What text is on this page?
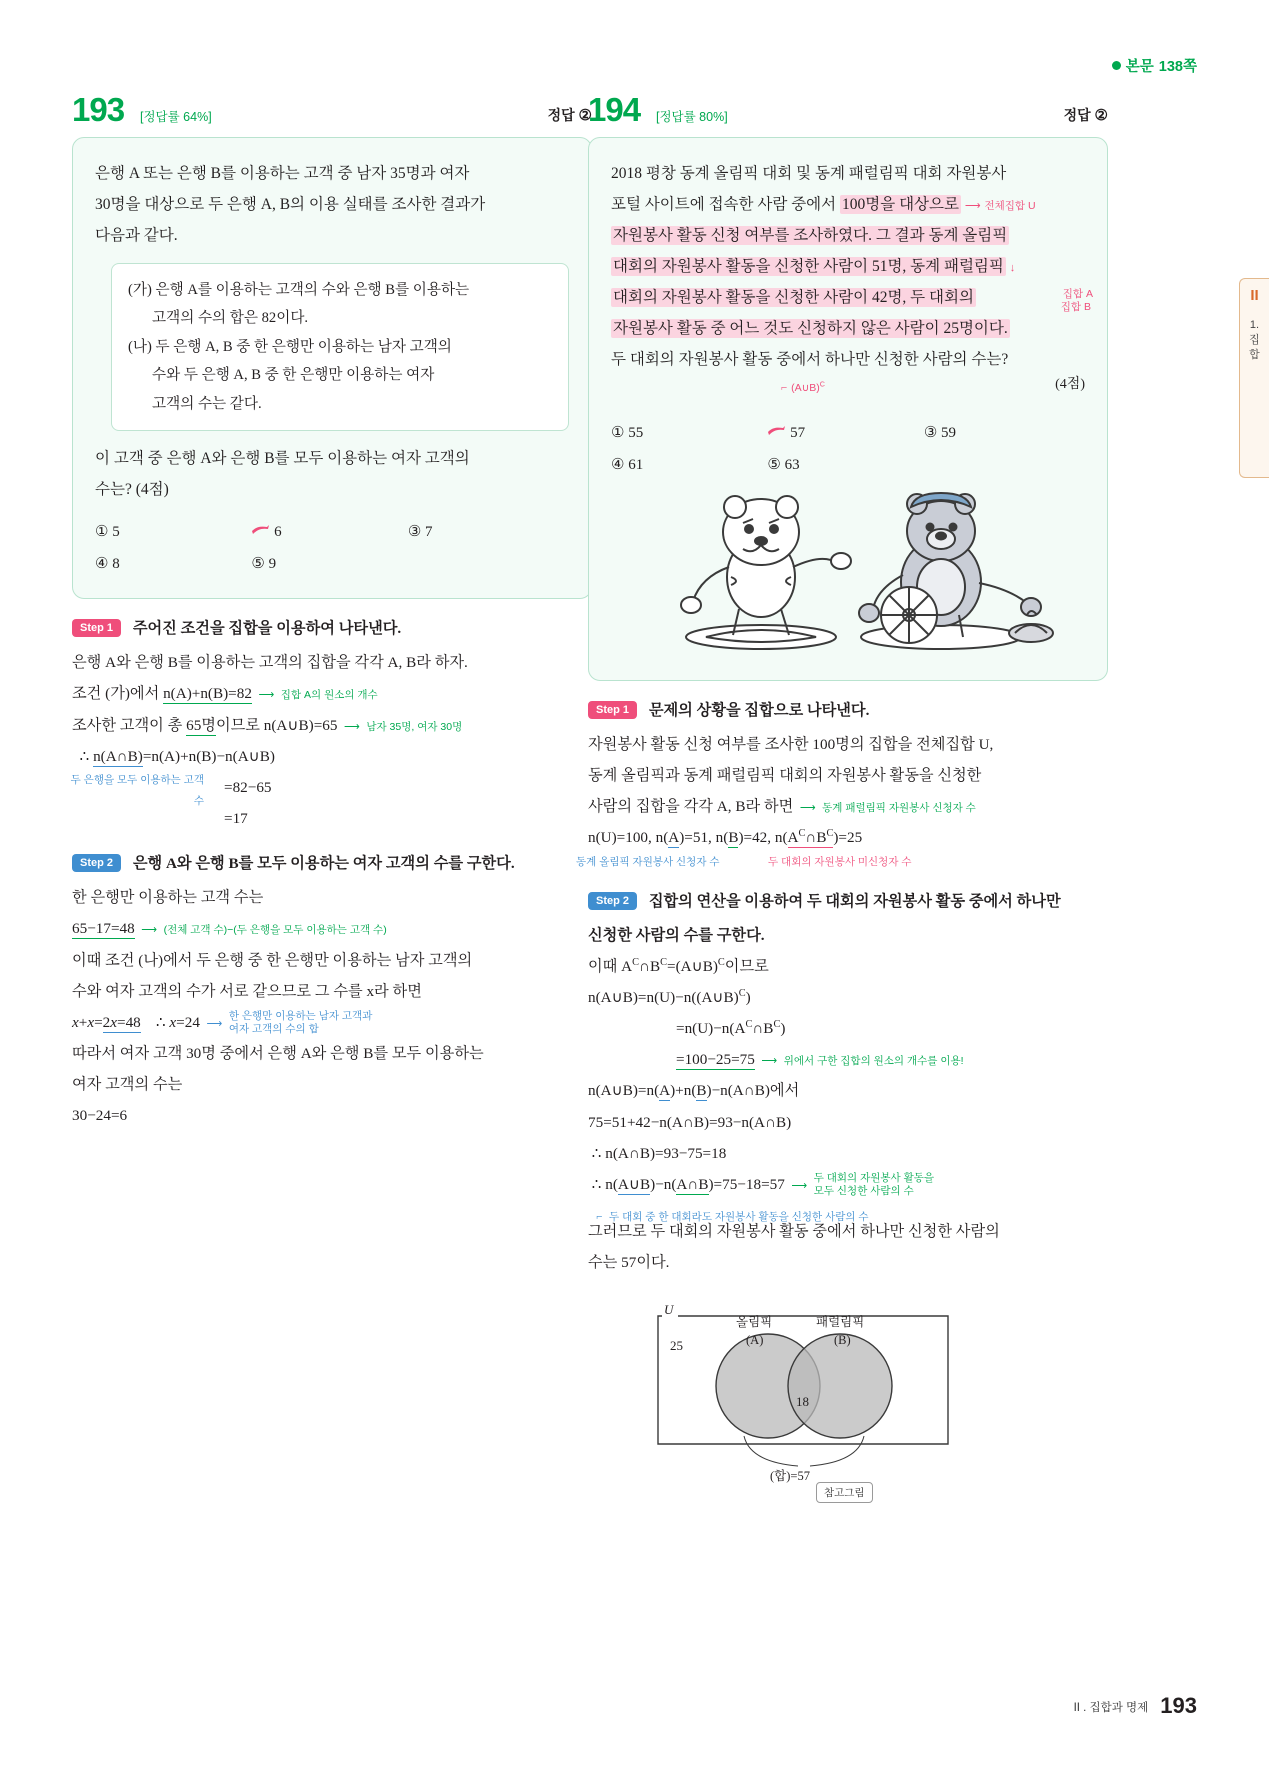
본문 138쪽
II
1.
집
합
193 [정답률 64%]	정답 ②

은행 A 또는 은행 B를 이용하는 고객 중 남자 35명과 여자

30명을 대상으로 두 은행 A, B의 이용 실태를 조사한 결과가

다음과 같다.

(가) 은행 A를 이용하는 고객의 수와 은행 B를 이용하는
고객의 수의 합은 82이다.
(나) 두 은행 A, B 중 한 은행만 이용하는 남자 고객의
수와 두 은행 A, B 중 한 은행만 이용하는 여자
고객의 수는 같다.

이 고객 중 은행 A와 은행 B를 모두 이용하는 여자 고객의

수는? (4점)

① 5	6	③ 7
④ 8	⑤ 9
Step 1 주어진 조건을 집합을 이용하여 나타낸다.

은행 A와 은행 B를 이용하는 고객의 집합을 각각 A, B라 하자.

조건 (가)에서 n(A)+n(B)=82  ⟶  집합 A의 원소의 개수

조사한 고객이 총 65명이므로 n(A∪B)=65  ⟶  남자 35명, 여자 30명

∴ n(A∩B)=n(A)+n(B)−n(A∪B)

두 은행을 모두 이용하는 고객 수
=82−65

=17

Step 2 은행 A와 은행 B를 모두 이용하는 여자 고객의 수를 구한다.

한 은행만 이용하는 고객 수는

65−17=48  ⟶  (전체 고객 수)−(두 은행을 모두 이용하는 고객 수)

이때 조건 (나)에서 두 은행 중 한 은행만 이용하는 남자 고객의

수와 여자 고객의 수가 서로 같으므로 그 수를 x라 하면

x+x=2x=48    ∴ x=24  ⟶  한 은행만 이용하는 남자 고객과 여자 고객의 수의 합

따라서 여자 고객 30명 중에서 은행 A와 은행 B를 모두 이용하는

여자 고객의 수는

30−24=6

194 [정답률 80%]	정답 ②

2018 평창 동계 올림픽 대회 및 동계 패럴림픽 대회 자원봉사

포털 사이트에 접속한 사람 중에서 100명을 대상으로 ⟶ 전체집합 U

자원봉사 활동 신청 여부를 조사하였다. 그 결과 동계 올림픽

대회의 자원봉사 활동을 신청한 사람이 51명, 동계 패럴림픽 ↓

대회의 자원봉사 활동을 신청한 사람이 42명, 두 대회의	집합 A

자원봉사 활동 중 어느 것도 신청하지 않은 사람이 25명이다.
집합 B

두 대회의 자원봉사 활동 중에서 하나만 신청한 사람의 수는?

⌐ (A∪B)$^C$	(4점)

① 55	57	③ 59
④ 61	⑤ 63
Step 1 문제의 상황을 집합으로 나타낸다.

자원봉사 활동 신청 여부를 조사한 100명의 집합을 전체집합 U,

동계 올림픽과 동계 패럴림픽 대회의 자원봉사 활동을 신청한

사람의 집합을 각각 A, B라 하면  ⟶  동계 패럴림픽 자원봉사 신청자 수

n(U)=100, n(A)=51, n(B)=42, $n(A^C\cap B^C)=25$

동계 올림픽 자원봉사 신청자 수	두 대회의 자원봉사 미신청자 수

Step 2 집합의 연산을 이용하여 두 대회의 자원봉사 활동 중에서 하나만

신청한 사람의 수를 구한다.

이때 $A^C\cap B^C=(A\cup B)^C$이므로

n(A∪B)=n(U)−n((A∪B)$^C$)

$=n(U)-n(A^C\cap B^C)$

=100−25=75  ⟶  위에서 구한 집합의 원소의 개수를 이용!

n(A∪B)=n(A)+n(B)−n(A∩B)에서

75=51+42−n(A∩B)=93−n(A∩B)

∴ n(A∩B)=93−75=18

∴ n(A∪B)−n(A∩B)=75−18=57  ⟶  두 대회의 자원봉사 활동을 모두 신청한 사람의 수

⌐  두 대회 중 한 대회라도 자원봉사 활동을 신청한 사람의 수

그러므로 두 대회의 자원봉사 활동 중에서 하나만 신청한 사람의

수는 57이다.

U
25
올림픽
(A)
패럴림픽
(B)
18
(합)=57
참고그림
II . 집합과 명제 193
